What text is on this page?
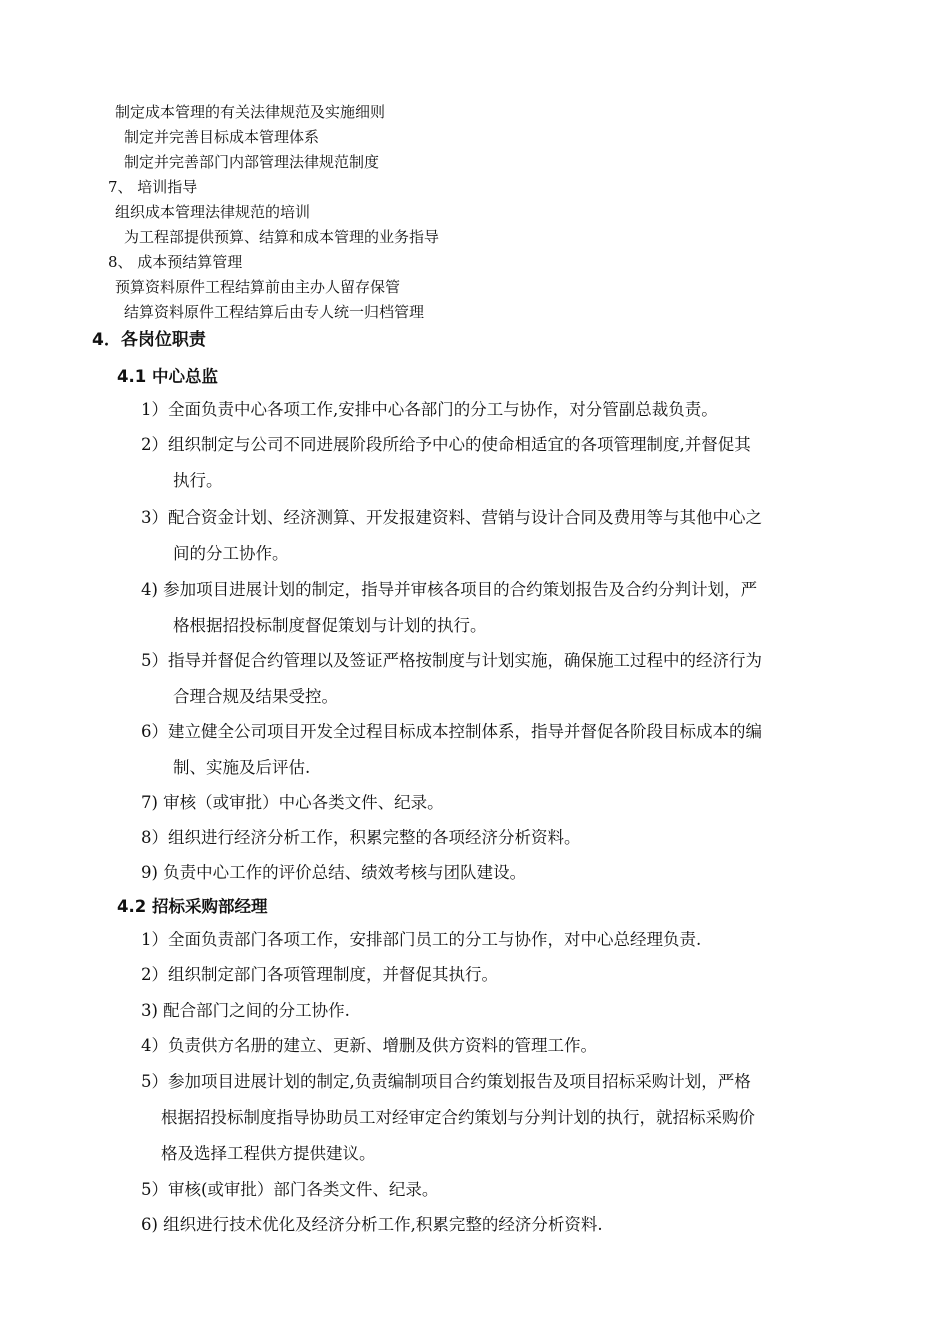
制定成本管理的有关法律规范及实施细则
制定并完善目标成本管理体系
制定并完善部门内部管理法律规范制度
7、 培训指导
组织成本管理法律规范的培训
为工程部提供预算、结算和成本管理的业务指导
8、 成本预结算管理
预算资料原件工程结算前由主办人留存保管
结算资料原件工程结算后由专人统一归档管理
4．各岗位职责
4.1 中心总监
1）全面负责中心各项工作,安排中心各部门的分工与协作，对分管副总裁负责。
2）组织制定与公司不同进展阶段所给予中心的使命相适宜的各项管理制度,并督促其
执行。
3）配合资金计划、经济测算、开发报建资料、营销与设计合同及费用等与其他中心之
间的分工协作。
4) 参加项目进展计划的制定，指导并审核各项目的合约策划报告及合约分判计划，严
格根据招投标制度督促策划与计划的执行。
5）指导并督促合约管理以及签证严格按制度与计划实施，确保施工过程中的经济行为
合理合规及结果受控。
6）建立健全公司项目开发全过程目标成本控制体系，指导并督促各阶段目标成本的编
制、实施及后评估.
7) 审核（或审批）中心各类文件、纪录。
8）组织进行经济分析工作，积累完整的各项经济分析资料。
9) 负责中心工作的评价总结、绩效考核与团队建设。
4.2 招标采购部经理
1）全面负责部门各项工作，安排部门员工的分工与协作，对中心总经理负责.
2）组织制定部门各项管理制度，并督促其执行。
3) 配合部门之间的分工协作.
4）负责供方名册的建立、更新、增删及供方资料的管理工作。
5）参加项目进展计划的制定,负责编制项目合约策划报告及项目招标采购计划，严格
根据招投标制度指导协助员工对经审定合约策划与分判计划的执行，就招标采购价
格及选择工程供方提供建议。
5）审核(或审批）部门各类文件、纪录。
6) 组织进行技术优化及经济分析工作,积累完整的经济分析资料.
